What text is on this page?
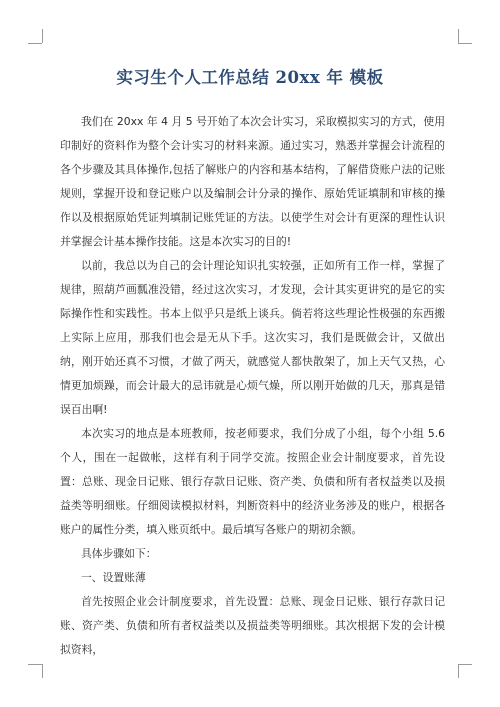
实习生个人工作总结 20xx 年 模板

我们在 20xx 年 4 月 5 号开始了本次会计实习，采取模拟实习的方式，使用印制好的资料作为整个会计实习的材料来源。通过实习，熟悉并掌握会计流程的各个步骤及其具体操作,包括了解账户的内容和基本结构，了解借贷账户法的记账规则，掌握开设和登记账户以及编制会计分录的操作、原始凭证填制和审核的操作以及根据原始凭证判填制记账凭证的方法。以使学生对会计有更深的理性认识并掌握会计基本操作技能。这是本次实习的目的!

以前，我总以为自己的会计理论知识扎实较强，正如所有工作一样，掌握了规律，照葫芦画瓢准没错，经过这次实习，才发现，会计其实更讲究的是它的实际操作性和实践性。书本上似乎只是纸上谈兵。倘若将这些理论性极强的东西搬上实际上应用，那我们也会是无从下手。这次实习，我们是既做会计，又做出纳，刚开始还真不习惯，才做了两天，就感觉人都快散架了，加上天气又热，心情更加烦躁，而会计最大的忌讳就是心烦气燥，所以刚开始做的几天，那真是错误百出啊!

本次实习的地点是本班教师，按老师要求，我们分成了小组，每个小组 5.6 个人，围在一起做帐，这样有利于同学交流。按照企业会计制度要求，首先设置：总账、现金日记账、银行存款日记账、资产类、负债和所有者权益类以及损益类等明细账。仔细阅读模拟材料，判断资料中的经济业务涉及的账户，根据各账户的属性分类，填入账页纸中。最后填写各账户的期初余额。

具体步骤如下：

一、设置账薄

首先按照企业会计制度要求，首先设置：总账、现金日记账、银行存款日记账、资产类、负债和所有者权益类以及损益类等明细账。其次根据下发的会计模拟资料，
